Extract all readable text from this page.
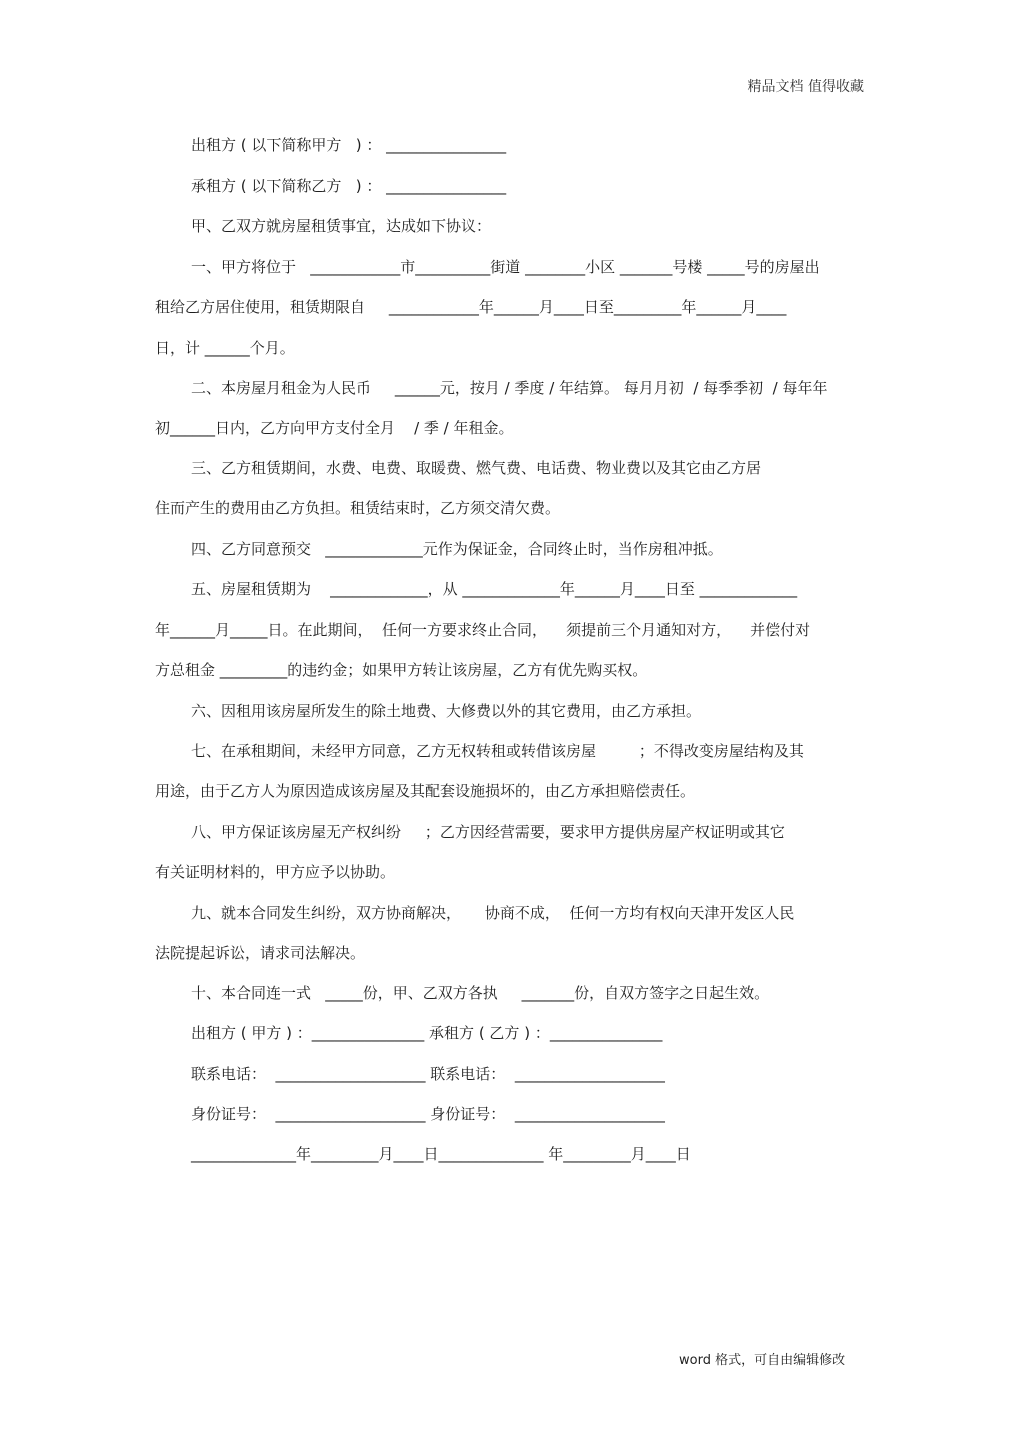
精品文档 值得收藏
出租方 ( 以下简称甲方   ) ： ________________
承租方 ( 以下简称乙方   ) ： ________________
甲、乙双方就房屋租赁事宜，达成如下协议：
一、甲方将位于   ____________市__________街道 ________小区 _______号楼 _____号的房屋出
租给乙方居住使用，租赁期限自     ____________年______月____日至_________年______月____
日，计 ______个月。
二、本房屋月租金为人民币     ______元，按月 / 季度 / 年结算。 每月月初  / 每季季初  / 每年年
初______日内，乙方向甲方支付全月    / 季 / 年租金。
三、乙方租赁期间，水费、电费、取暖费、燃气费、电话费、物业费以及其它由乙方居
住而产生的费用由乙方负担。租赁结束时，乙方须交清欠费。
四、乙方同意预交   _____________元作为保证金，合同终止时，当作房租冲抵。
五、房屋租赁期为    _____________，从 _____________年______月____日至 _____________
年______月_____日。在此期间，  任何一方要求终止合同，    须提前三个月通知对方，    并偿付对
方总租金 _________的违约金；如果甲方转让该房屋，乙方有优先购买权。
六、因租用该房屋所发生的除土地费、大修费以外的其它费用，由乙方承担。
七、在承租期间，未经甲方同意，乙方无权转租或转借该房屋         ；不得改变房屋结构及其
用途，由于乙方人为原因造成该房屋及其配套设施损坏的，由乙方承担赔偿责任。
八、甲方保证该房屋无产权纠纷     ；乙方因经营需要，要求甲方提供房屋产权证明或其它
有关证明材料的，甲方应予以协助。
九、就本合同发生纠纷，双方协商解决，     协商不成，  任何一方均有权向天津开发区人民
法院提起诉讼，请求司法解决。
十、本合同连一式   _____份，甲、乙双方各执     _______份，自双方签字之日起生效。
出租方 ( 甲方 ) ：_______________ 承租方 ( 乙方 ) ：_______________
联系电话：  ____________________ 联系电话：  ____________________
身份证号：  ____________________ 身份证号：  ____________________
______________年_________月____日______________ 年_________月____日
word 格式，可自由编辑修改
